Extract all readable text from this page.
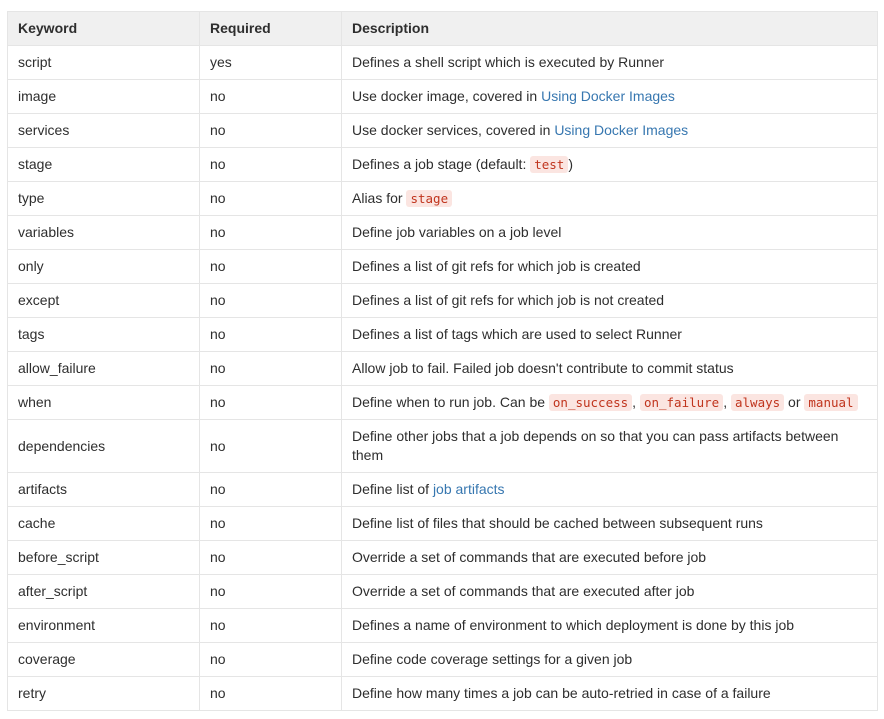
Keyword	Required	Description
script	yes	Defines a shell script which is executed by Runner
image	no	Use docker image, covered in Using Docker Images
services	no	Use docker services, covered in Using Docker Images
stage	no	Defines a job stage (default: test )
type	no	Alias for stage
variables	no	Define job variables on a job level
only	no	Defines a list of git refs for which job is created
except	no	Defines a list of git refs for which job is not created
tags	no	Defines a list of tags which are used to select Runner
allow_failure	no	Allow job to fail. Failed job doesn't contribute to commit status
when	no	Define when to run job. Can be on_success , on_failure , always or manual
dependencies	no	Define other jobs that a job depends on so that you can pass artifacts between them
artifacts	no	Define list of job artifacts
cache	no	Define list of files that should be cached between subsequent runs
before_script	no	Override a set of commands that are executed before job
after_script	no	Override a set of commands that are executed after job
environment	no	Defines a name of environment to which deployment is done by this job
coverage	no	Define code coverage settings for a given job
retry	no	Define how many times a job can be auto-retried in case of a failure
